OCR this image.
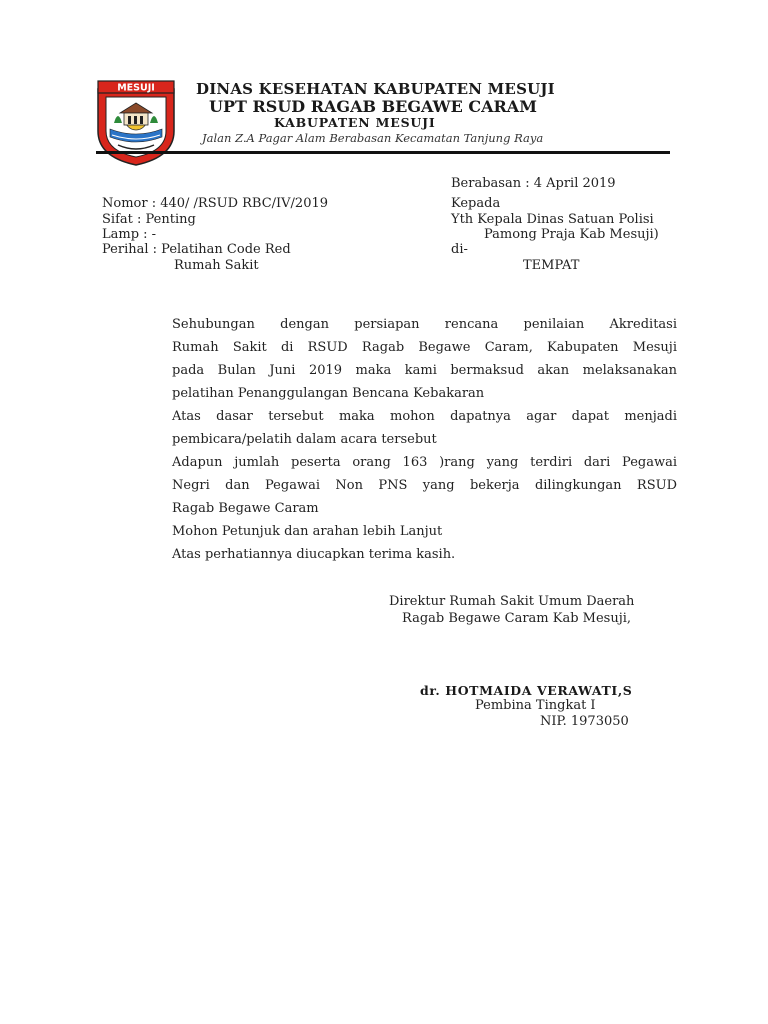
MESUJI	DINAS KESEHATAN KABUPATEN MESUJI
UPT RSUD RAGAB BEGAWE CARAM
KABUPATEN MESUJI
Jalan Z.A Pagar Alam Berabasan Kecamatan Tanjung Raya
Berabasan : 4 April 2019
Nomor : 440/ /RSUD RBC/IV/2019
Sifat : Penting
Lamp : -
Perihal : Pelatihan Code Red
Rumah Sakit
Kepada
Yth Kepala Dinas Satuan Polisi
Pamong Praja Kab Mesuji)
di-
TEMPAT
Sehubungan dengan persiapan rencana penilaian Akreditasi
Rumah Sakit di RSUD Ragab Begawe Caram, Kabupaten Mesuji
pada Bulan Juni 2019 maka kami bermaksud akan melaksanakan
pelatihan Penanggulangan Bencana Kebakaran
Atas dasar tersebut maka mohon dapatnya agar dapat menjadi
pembicara/pelatih dalam acara tersebut
Adapun jumlah peserta orang 163 )rang yang terdiri dari Pegawai
Negri dan Pegawai Non PNS yang bekerja dilingkungan RSUD
Ragab Begawe Caram
Mohon Petunjuk dan arahan lebih Lanjut
Atas perhatiannya diucapkan terima kasih.
Direktur Rumah Sakit Umum Daerah
Ragab Begawe Caram Kab Mesuji,
dr. HOTMAIDA VERAWATI,S
Pembina Tingkat I
NIP. 1973050
